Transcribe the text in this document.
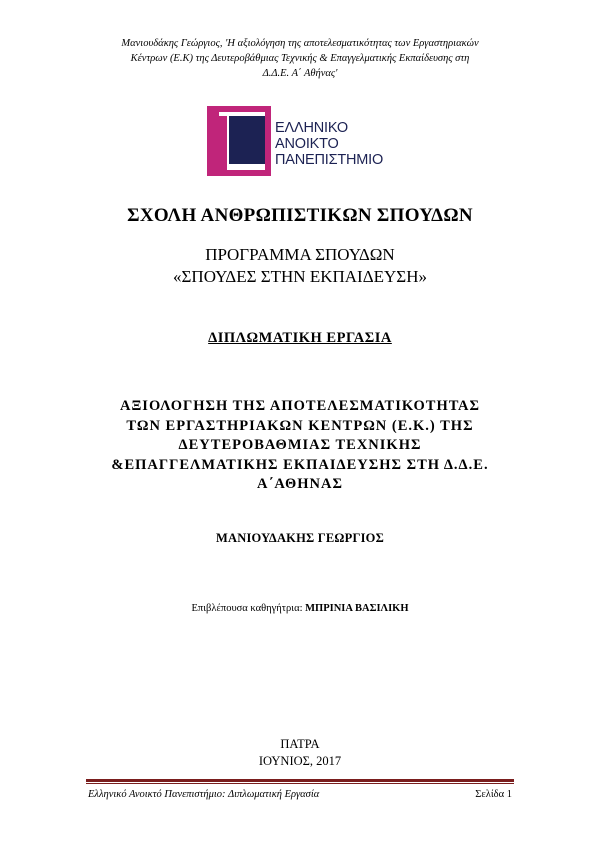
Μανιουδάκης Γεώργιος, 'Η αξιολόγηση της αποτελεσματικότητας των Εργαστηριακών
Κέντρων (Ε.Κ) της Δευτεροβάθμιας Τεχνικής & Επαγγελματικής Εκπαίδευσης στη
Δ.Δ.Ε. Α΄ Αθήνας'
ΕΛΛΗΝΙΚΟ
ΑΝΟΙΚΤΟ
ΠΑΝΕΠΙΣΤΗΜΙΟ
ΣΧΟΛΗ ΑΝΘΡΩΠΙΣΤΙΚΩΝ ΣΠΟΥΔΩΝ
ΠΡΟΓΡΑΜΜΑ ΣΠΟΥΔΩΝ
«ΣΠΟΥΔΕΣ ΣΤΗΝ ΕΚΠΑΙΔΕΥΣΗ»
ΔΙΠΛΩΜΑΤΙΚΗ ΕΡΓΑΣΙΑ
ΑΞΙΟΛΟΓΗΣΗ ΤΗΣ ΑΠΟΤΕΛΕΣΜΑΤΙΚΟΤΗΤΑΣ
ΤΩΝ ΕΡΓΑΣΤΗΡΙΑΚΩΝ ΚΕΝΤΡΩΝ (Ε.Κ.) ΤΗΣ
ΔΕΥΤΕΡΟΒΑΘΜΙΑΣ ΤΕΧΝΙΚΗΣ
&ΕΠΑΓΓΕΛΜΑΤΙΚΗΣ ΕΚΠΑΙΔΕΥΣΗΣ ΣΤΗ Δ.Δ.Ε.
Α΄ΑΘΗΝΑΣ
ΜΑΝΙΟΥΔΑΚΗΣ ΓΕΩΡΓΙΟΣ
Επιβλέπουσα καθηγήτρια: ΜΠΡΙΝΙΑ ΒΑΣΙΛΙΚΗ
ΠΑΤΡΑ
ΙΟΥΝΙΟΣ, 2017
Ελληνικό Ανοικτό Πανεπιστήμιο: Διπλωματική Εργασία	Σελίδα 1
